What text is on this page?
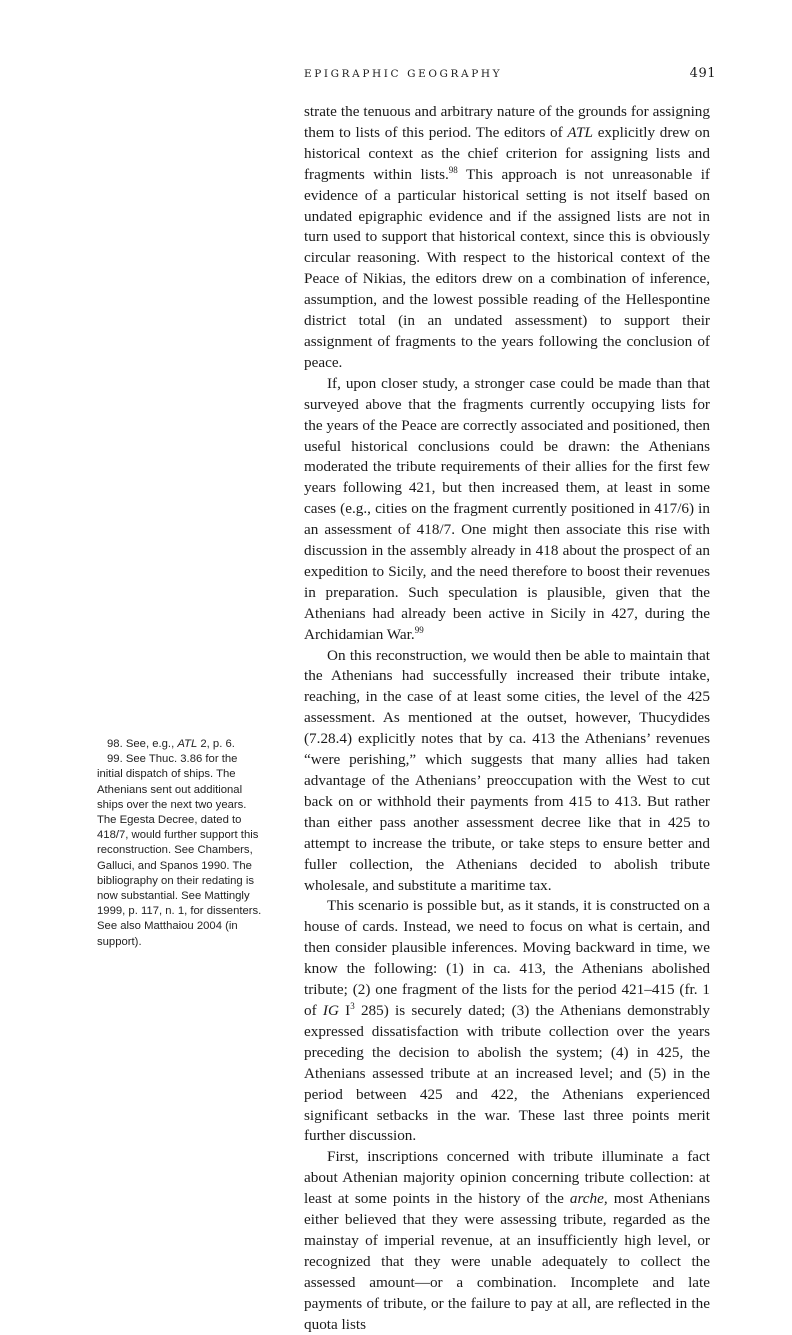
EPIGRAPHIC GEOGRAPHY	491

strate the tenuous and arbitrary nature of the grounds for assigning them to lists of this period. The editors of ATL explicitly drew on historical context as the chief criterion for assigning lists and fragments within lists.$^{98}$ This approach is not unreasonable if evidence of a particular historical setting is not itself based on undated epigraphic evidence and if the assigned lists are not in turn used to support that historical context, since this is obviously circular reasoning. With respect to the historical context of the Peace of Nikias, the editors drew on a combination of inference, assumption, and the lowest possible reading of the Hellespontine district total (in an undated assessment) to support their assignment of fragments to the years following the conclusion of peace.

If, upon closer study, a stronger case could be made than that surveyed above that the fragments currently occupying lists for the years of the Peace are correctly associated and positioned, then useful historical conclusions could be drawn: the Athenians moderated the tribute requirements of their allies for the first few years following 421, but then increased them, at least in some cases (e.g., cities on the fragment currently positioned in 417/6) in an assessment of 418/7. One might then associate this rise with discussion in the assembly already in 418 about the prospect of an expedition to Sicily, and the need therefore to boost their revenues in preparation. Such speculation is plausible, given that the Athenians had already been active in Sicily in 427, during the Archidamian War.$^{99}$

On this reconstruction, we would then be able to maintain that the Athenians had successfully increased their tribute intake, reaching, in the case of at least some cities, the level of the 425 assessment. As mentioned at the outset, however, Thucydides (7.28.4) explicitly notes that by ca. 413 the Athenians’ revenues “were perishing,” which suggests that many allies had taken advantage of the Athenians’ preoccupation with the West to cut back on or withhold their payments from 415 to 413. But rather than either pass another assessment decree like that in 425 to attempt to increase the tribute, or take steps to ensure better and fuller collection, the Athenians decided to abolish tribute wholesale, and substitute a maritime tax.

This scenario is possible but, as it stands, it is constructed on a house of cards. Instead, we need to focus on what is certain, and then consider plausible inferences. Moving backward in time, we know the following: (1) in ca. 413, the Athenians abolished tribute; (2) one fragment of the lists for the period 421–415 (fr. 1 of IG $I^3$ 285) is securely dated; (3) the Athenians demonstrably expressed dissatisfaction with tribute collection over the years preceding the decision to abolish the system; (4) in 425, the Athenians assessed tribute at an increased level; and (5) in the period between 425 and 422, the Athenians experienced significant setbacks in the war. These last three points merit further discussion.

First, inscriptions concerned with tribute illuminate a fact about Athenian majority opinion concerning tribute collection: at least at some points in the history of the arche, most Athenians either believed that they were assessing tribute, regarded as the mainstay of imperial revenue, at an insufficiently high level, or recognized that they were unable adequately to collect the assessed amount—or a combination. Incomplete and late payments of tribute, or the failure to pay at all, are reflected in the quota lists

98. See, e.g., ATL 2, p. 6.

99. See Thuc. 3.86 for the initial dispatch of ships. The Athenians sent out additional ships over the next two years. The Egesta Decree, dated to 418/7, would further support this reconstruction. See Chambers, Galluci, and Spanos 1990. The bibliography on their redating is now substantial. See Mattingly 1999, p. 117, n. 1, for dissenters. See also Matthaiou 2004 (in support).
